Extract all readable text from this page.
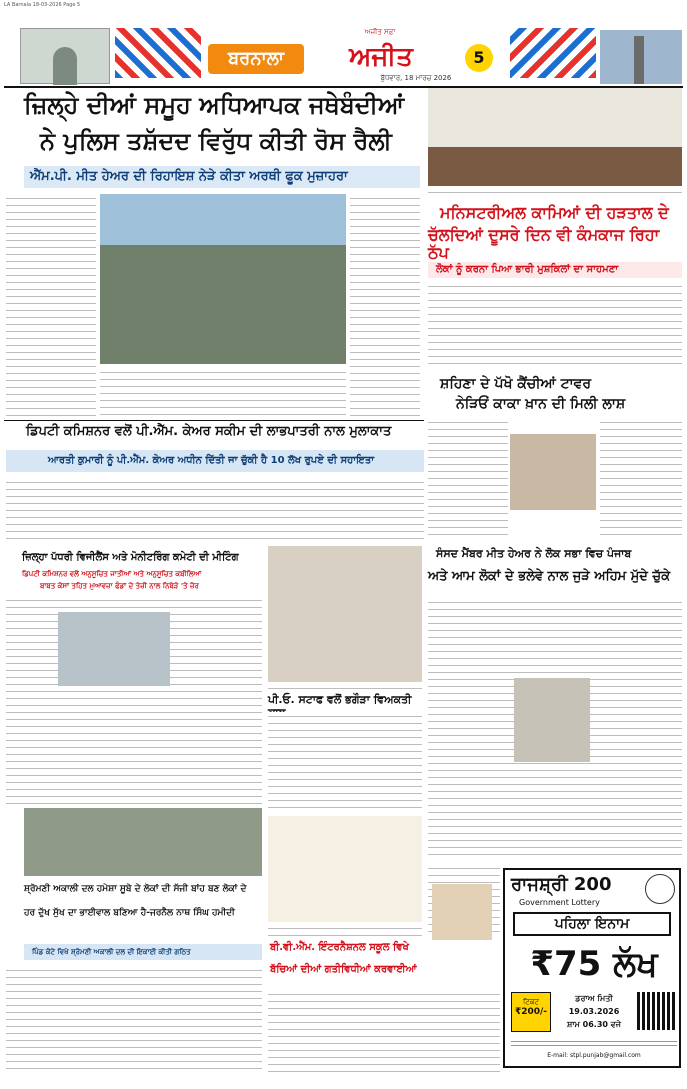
LA Barnala 18-03-2026 Page 5
ਬਰਨਾਲਾ
ਅਜੀਤ ਸਫ਼ਾ
ਅਜੀਤ	5
ਬੁੱਧਵਾਰ, 18 ਮਾਰਚ 2026
ਜ਼ਿਲ੍ਹੇ ਦੀਆਂ ਸਮੂਹ ਅਧਿਆਪਕ ਜਥੇਬੰਦੀਆਂ
ਨੇ ਪੁਲਿਸ ਤਸ਼ੱਦਦ ਵਿਰੁੱਧ ਕੀਤੀ ਰੋਸ ਰੈਲੀ
ਐੱਮ.ਪੀ. ਮੀਤ ਹੇਅਰ ਦੀ ਰਿਹਾਇਸ਼ ਨੇੜੇ ਕੀਤਾ ਅਰਥੀ ਫੂਕ ਮੁਜ਼ਾਹਰਾ
ਮਨਿਸਟਰੀਅਲ ਕਾਮਿਆਂ ਦੀ ਹੜਤਾਲ ਦੇ
ਚੱਲਦਿਆਂ ਦੂਸਰੇ ਦਿਨ ਵੀ ਕੰਮਕਾਜ ਰਿਹਾ ਠੱਪ
ਲੋਕਾਂ ਨੂੰ ਕਰਨਾ ਪਿਆ ਭਾਰੀ ਮੁਸ਼ਕਿਲਾਂ ਦਾ ਸਾਹਮਣਾ
ਸ਼ਹਿਣਾ ਦੇ ਪੱਖੋ ਕੈਂਚੀਆਂ ਟਾਵਰ
ਨੇੜਿਓਂ ਕਾਕਾ ਖ਼ਾਨ ਦੀ ਮਿਲੀ ਲਾਸ਼
ਡਿਪਟੀ ਕਮਿਸ਼ਨਰ ਵਲੋਂ ਪੀ.ਐੱਮ. ਕੇਅਰ ਸਕੀਮ ਦੀ ਲਾਭਪਾਤਰੀ ਨਾਲ ਮੁਲਾਕਾਤ
ਆਰਤੀ ਕੁਮਾਰੀ ਨੂੰ ਪੀ.ਐੱਮ. ਕੇਅਰ ਅਧੀਨ ਦਿੱਤੀ ਜਾ ਚੁੱਕੀ ਹੈ 10 ਲੱਖ ਰੁਪਏ ਦੀ ਸਹਾਇਤਾ
ਜ਼ਿਲ੍ਹਾ ਪੱਧਰੀ ਵਿਜੀਲੈਂਸ ਅਤੇ ਮੋਨੀਟਰਿੰਗ ਕਮੇਟੀ ਦੀ ਮੀਟਿੰਗ
ਡਿਪਟੀ ਕਮਿਸ਼ਨਰ ਵਲੋਂ ਅਨੁਸੂਚਿਤ ਜਾਤੀਆਂ ਅਤੇ ਅਨੁਸੂਚਿਤ ਕਬੀਲਿਆਂ
ਬਾਬਤ ਕੇਸਾਂ ਤਹਿਤ ਮੁਆਵਜ਼ਾ ਫੰਡਾਂ ਦੇ ਤੇਜ਼ੀ ਨਾਲ ਨਿਬੇੜੇ 'ਤੇ ਜ਼ੋਰ
ਪੀ.ਓ. ਸਟਾਫ ਵਲੋਂ ਭਗੌੜਾ ਵਿਅਕਤੀ
ਸੰਸਦ ਮੈਂਬਰ ਮੀਤ ਹੇਅਰ ਨੇ ਲੋਕ ਸਭਾ ਵਿਚ ਪੰਜਾਬ
ਅਤੇ ਆਮ ਲੋਕਾਂ ਦੇ ਭਲੇਵੇ ਨਾਲ ਜੁੜੇ ਅਹਿਮ ਮੁੱਦੇ ਚੁੱਕੇ
ਸ਼੍ਰੋਮਣੀ ਅਕਾਲੀ ਦਲ ਹਮੇਸ਼ਾ ਸੂਬੇ ਦੇ ਲੋਕਾਂ ਦੀ ਸੱਜੀ ਬਾਂਹ ਬਣ ਲੋਕਾਂ ਦੇ
ਹਰ ਦੁੱਖ ਸੁੱਖ ਦਾ ਭਾਈਵਾਲ ਬਣਿਆ ਹੈ-ਜਰਨੈਲ ਨਾਥ ਸਿੰਘ ਹਮੀਦੀ
ਪਿੰਡ ਕੋਟੇ ਵਿਖੇ ਸ਼੍ਰੋਮਣੀ ਅਕਾਲੀ ਦਲ ਦੀ ਇਕਾਈ ਕੀਤੀ ਗਠਿਤ	ਬੀ.ਵੀ.ਐੱਮ. ਇੰਟਰਨੈਸ਼ਨਲ ਸਕੂਲ ਵਿਖੇ
ਬੱਚਿਆਂ ਦੀਆਂ ਗਤੀਵਿਧੀਆਂ ਕਰਵਾਈਆਂ
ਰਾਜਸ਼੍ਰੀ 200
Government Lottery
ਪਹਿਲਾ ਇਨਾਮ
₹75 ਲੱਖ
ਟਿਕਟ
₹200/-
ਡਰਾਅ ਮਿਤੀ
19.03.2026
ਸ਼ਾਮ 06.30 ਵਜੇ
E-mail: stpl.punjab@gmail.com
